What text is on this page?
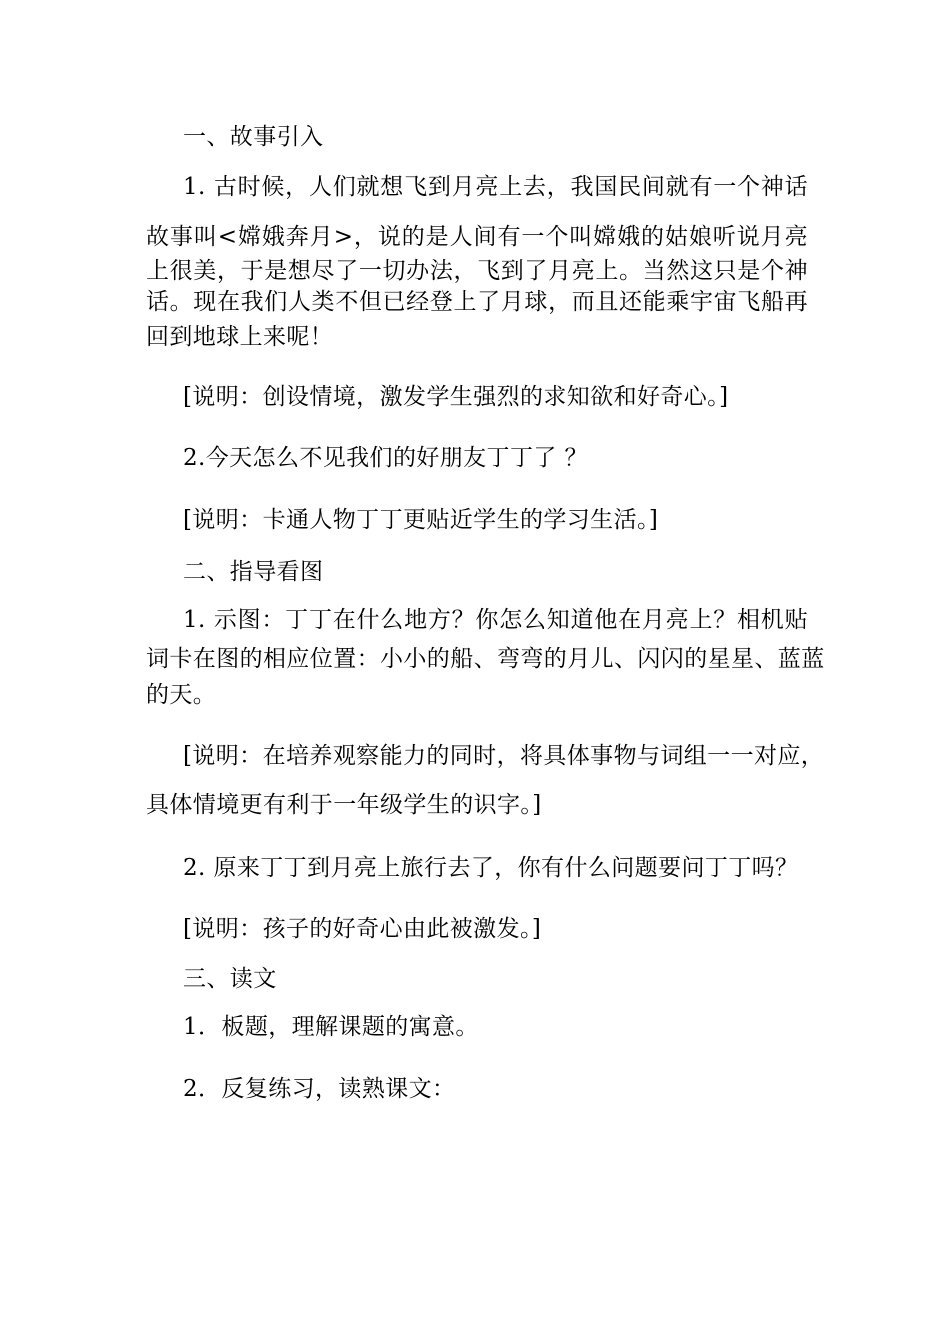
一、故事引入
1. 古时候，人们就想飞到月亮上去，我国民间就有一个神话
故事叫<嫦娥奔月>，说的是人间有一个叫嫦娥的姑娘听说月亮
上很美，于是想尽了一切办法，飞到了月亮上。当然这只是个神
话。现在我们人类不但已经登上了月球，而且还能乘宇宙飞船再
回到地球上来呢！
[说明：创设情境，激发学生强烈的求知欲和好奇心。]
2.今天怎么不见我们的好朋友丁丁了 ？
[说明：卡通人物丁丁更贴近学生的学习生活。]
二、指导看图
1. 示图：丁丁在什么地方？你怎么知道他在月亮上？相机贴
词卡在图的相应位置：小小的船、弯弯的月儿、闪闪的星星、蓝蓝
的天。
[说明：在培养观察能力的同时，将具体事物与词组一一对应，
具体情境更有利于一年级学生的识字。]
2. 原来丁丁到月亮上旅行去了，你有什么问题要问丁丁吗？
[说明：孩子的好奇心由此被激发。]
三、读文
1．板题，理解课题的寓意。
2．反复练习，读熟课文：
